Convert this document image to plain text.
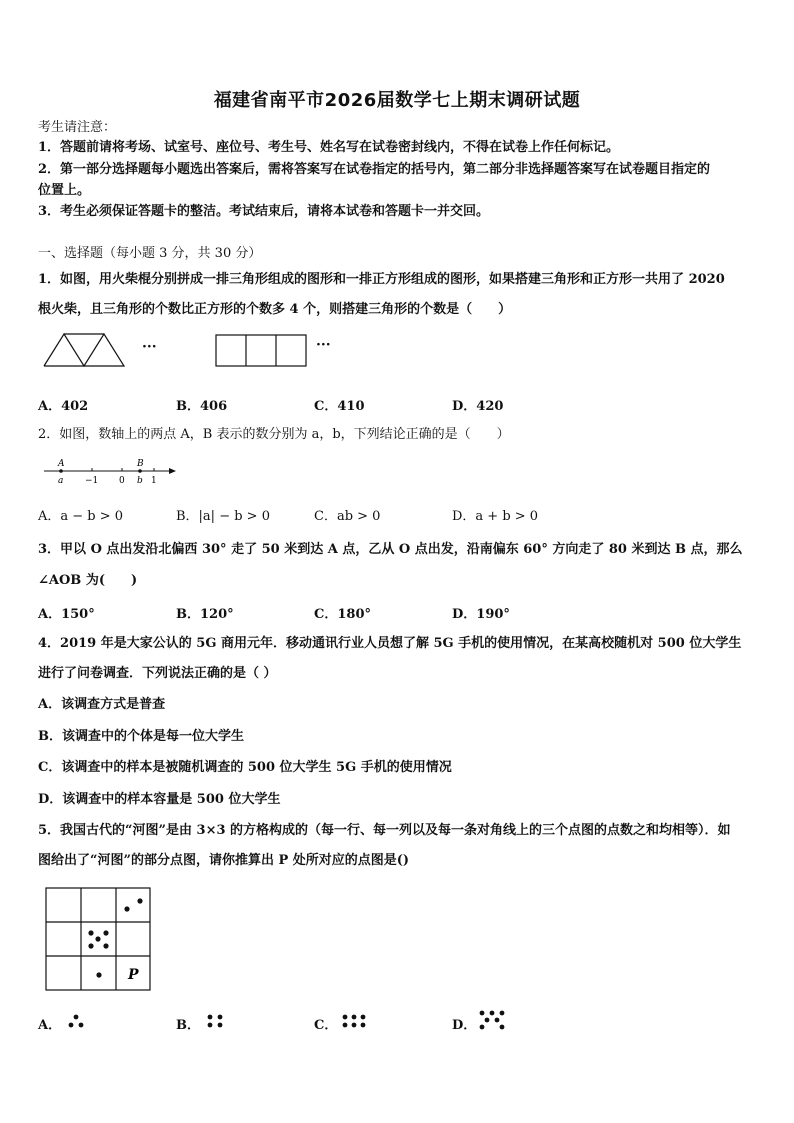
福建省南平市2026届数学七上期末调研试题
考生请注意：
1．答题前请将考场、试室号、座位号、考生号、姓名写在试卷密封线内，不得在试卷上作任何标记。
2．第一部分选择题每小题选出答案后，需将答案写在试卷指定的括号内，第二部分非选择题答案写在试卷题目指定的
位置上。
3．考生必须保证答题卡的整洁。考试结束后，请将本试卷和答题卡一并交回。
一、选择题（每小题 3 分，共 30 分）
1．如图，用火柴棍分别拼成一排三角形组成的图形和一排正方形组成的图形，如果搭建三角形和正方形一共用了 2020
根火柴，且三角形的个数比正方形的个数多 4 个，则搭建三角形的个数是（　　）
···	···
A．402	B．406	C．410	D．420
2．如图，数轴上的两点 A，B 表示的数分别为 a，b，下列结论正确的是（　　）
A	B
a −1 0 b 1
A．a − b > 0	B．|a| − b > 0	C．ab > 0	D．a + b > 0
3．甲以 O 点出发沿北偏西 30° 走了 50 米到达 A 点，乙从 O 点出发，沿南偏东 60° 方向走了 80 米到达 B 点，那么
∠AOB 为(　　)
A．150°	B．120°	C．180°	D．190°
4．2019 年是大家公认的 5G 商用元年．移动通讯行业人员想了解 5G 手机的使用情况，在某高校随机对 500 位大学生
进行了问卷调查．下列说法正确的是（ ）
A．该调查方式是普查
B．该调查中的个体是每一位大学生
C．该调查中的样本是被随机调查的 500 位大学生 5G 手机的使用情况
D．该调查中的样本容量是 500 位大学生
5．我国古代的“河图”是由 3×3 的方格构成的（每一行、每一列以及每一条对角线上的三个点图的点数之和均相等）．如
图给出了“河图”的部分点图，请你推算出 P 处所对应的点图是()
P
A．	B．	C．	D．
